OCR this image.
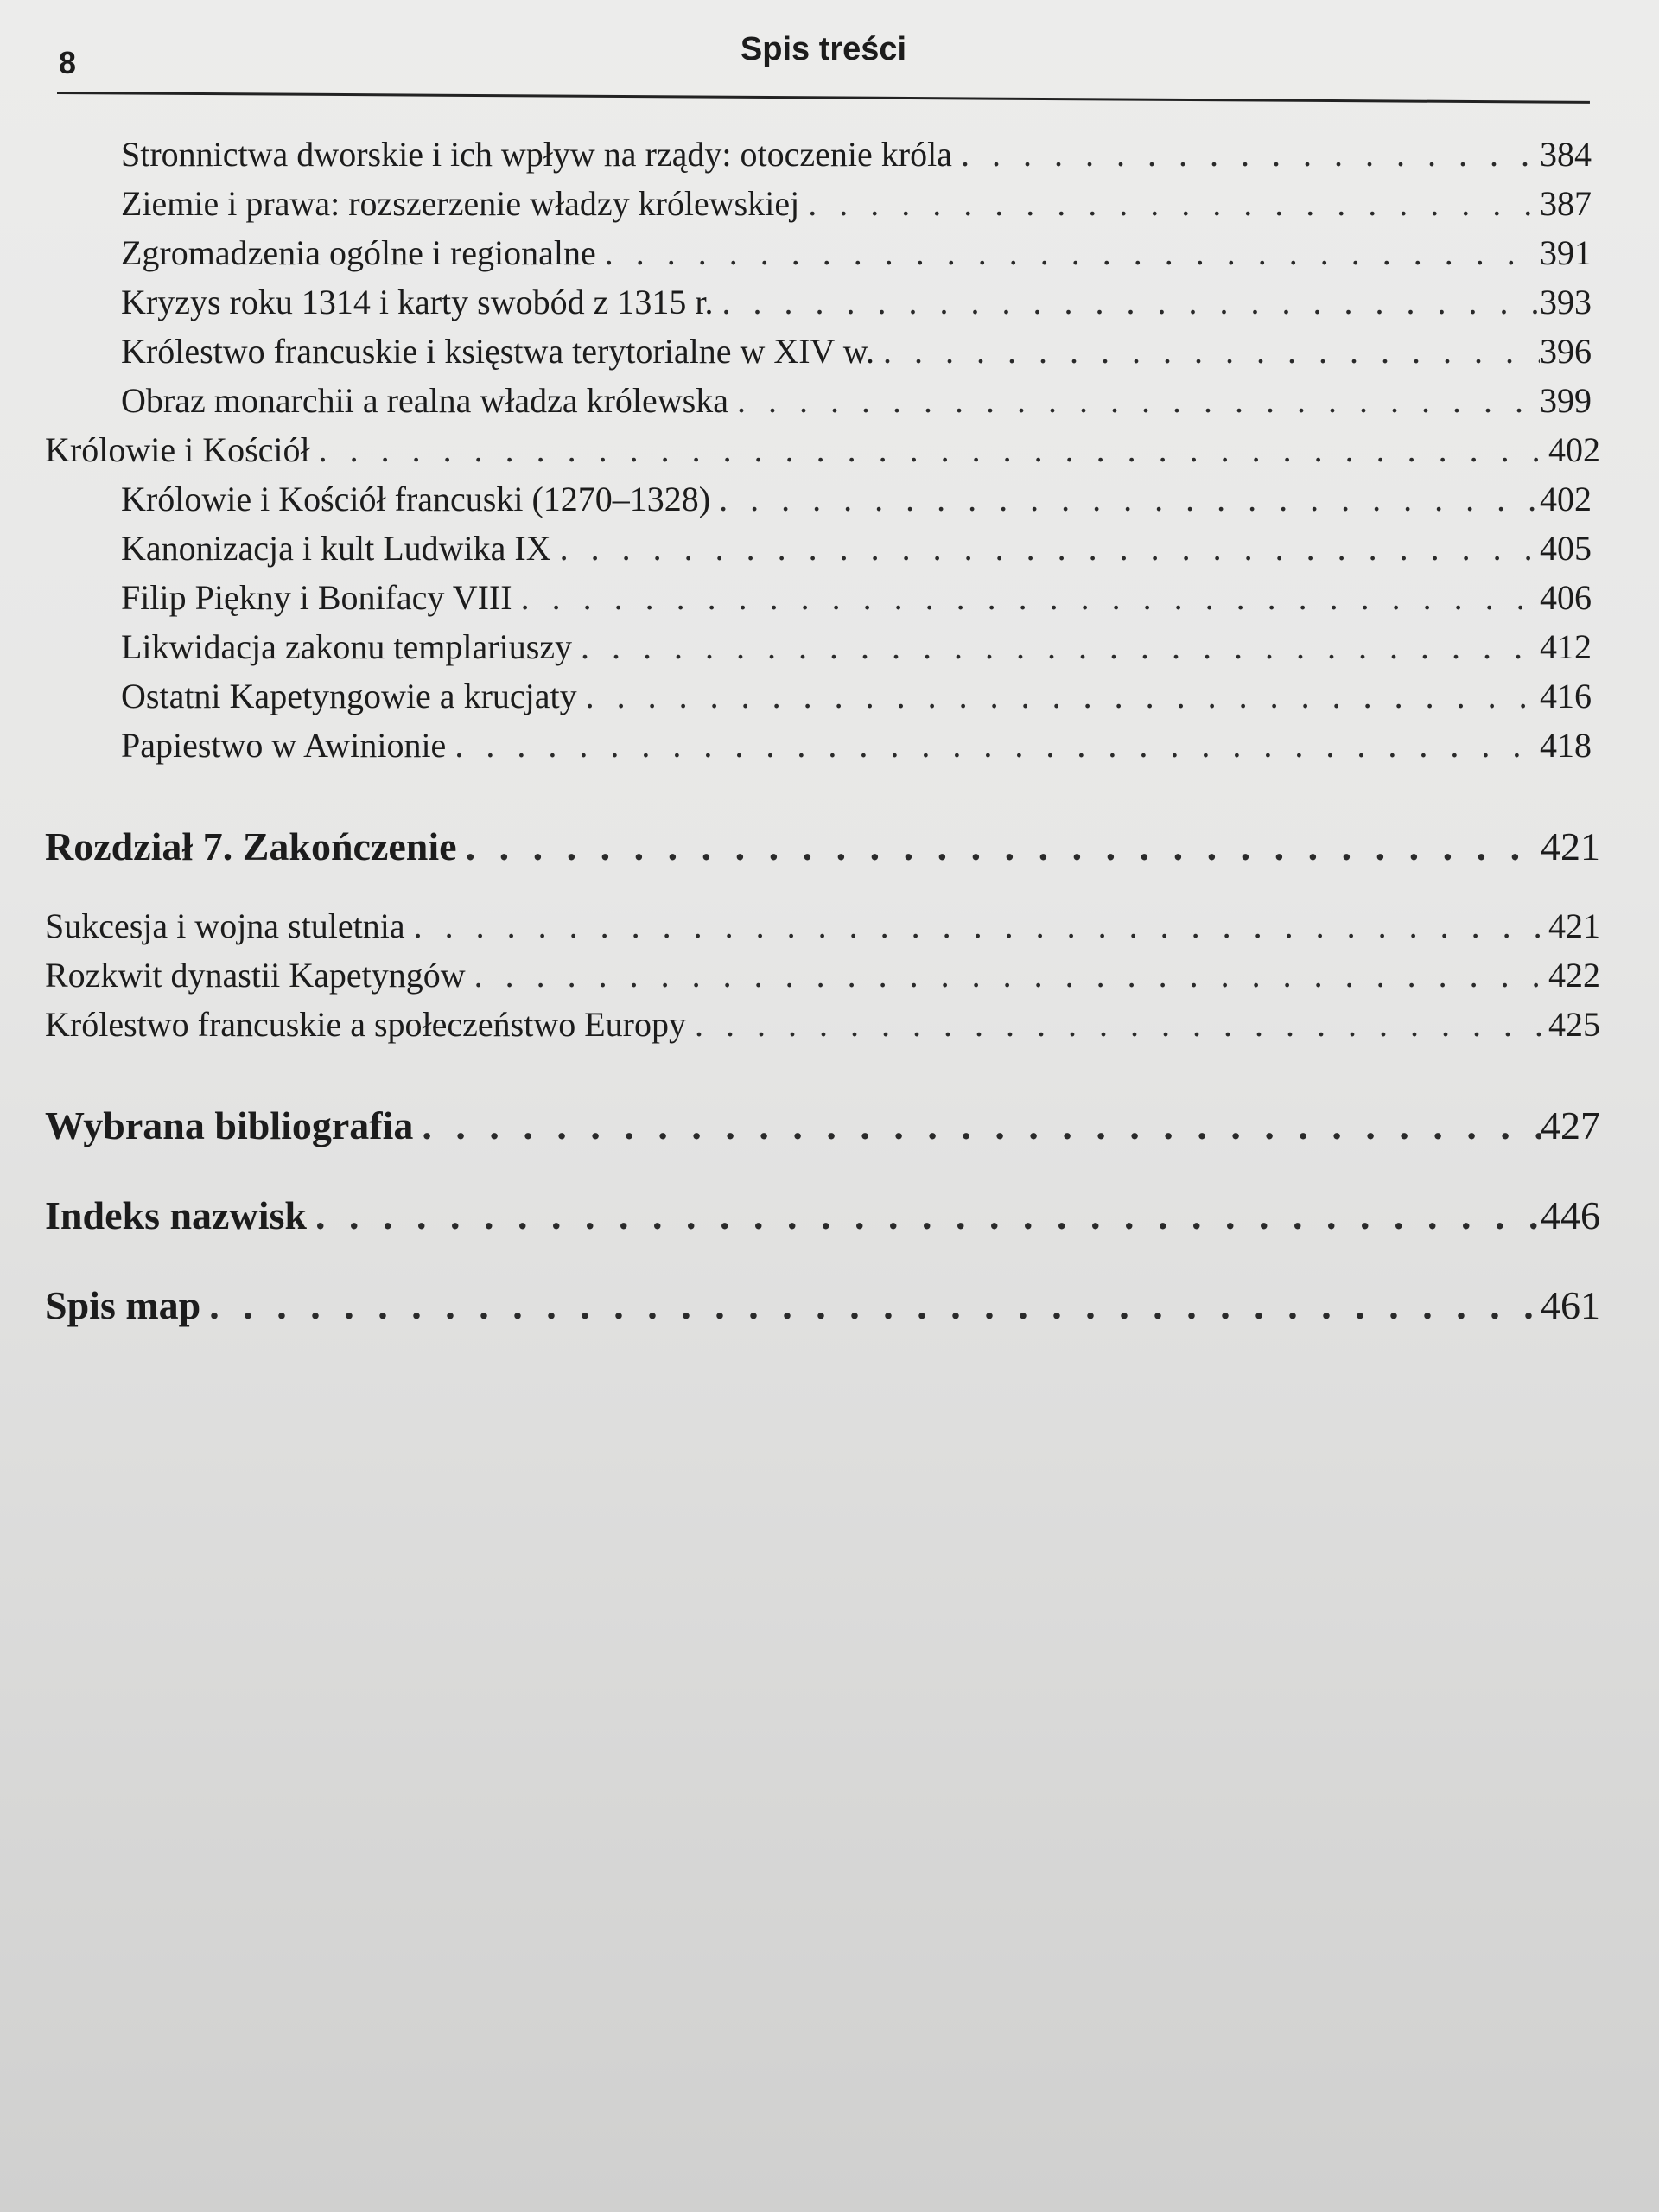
8	Spis treści
Stronnictwa dworskie i ich wpływ na rządy: otoczenie króla . . .	384
Ziemie i prawa: rozszerzenie władzy królewskiej . . .	387
Zgromadzenia ogólne i regionalne . . .	391
Kryzys roku 1314 i karty swobód z 1315 r. . . .	393
Królestwo francuskie i księstwa terytorialne w XIV w. . . .	396
Obraz monarchii a realna władza królewska . . .	399
Królowie i Kościół . . .	402
Królowie i Kościół francuski (1270–1328) . . .	402
Kanonizacja i kult Ludwika IX . . .	405
Filip Piękny i Bonifacy VIII . . .	406
Likwidacja zakonu templariuszy . . .	412
Ostatni Kapetyngowie a krucjaty . . .	416
Papiestwo w Awinionie . . .	418
Rozdział 7. Zakończenie . . .	421
Sukcesja i wojna stuletnia . . .	421
Rozkwit dynastii Kapetyngów . . .	422
Królestwo francuskie a społeczeństwo Europy . . .	425
Wybrana bibliografia . . .	427
Indeks nazwisk . . .	446
Spis map . . .	461
